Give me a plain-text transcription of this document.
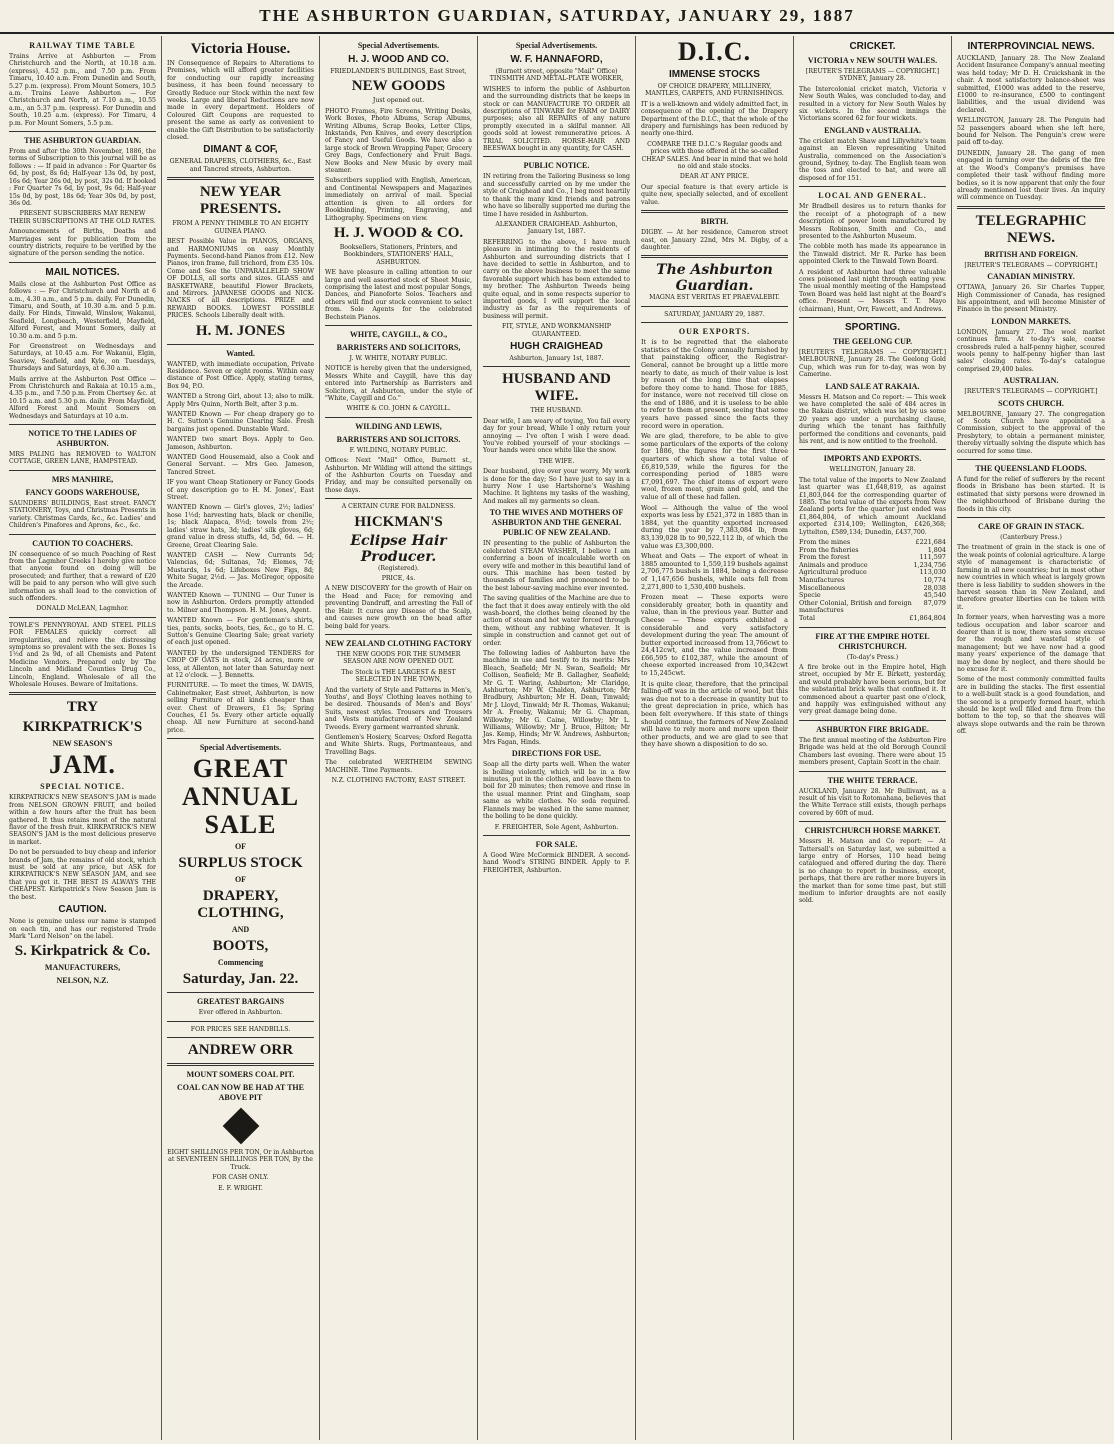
THE ASHBURTON GUARDIAN, SATURDAY, JANUARY 29, 1887
RAILWAY TIME TABLE

Trains Arrive at Ashburton — From Christchurch and the North, at 10.18 a.m. (express), 4.52 p.m., and 7.50 p.m. From Timaru, 10.40 a.m. From Dunedin and South, 5.27 p.m. (express). From Mount Somers, 10.5 a.m. Trains Leave Ashburton — For Christchurch and North, at 7.10 a.m., 10.55 a.m., an 5.37 p.m. (express). For Dunedin and South, 10.25 a.m. (express). For Timaru, 4 p.m. For Mount Somers, 5.5 p.m.

THE ASHBURTON GUARDIAN.

From and after the 30th November, 1886, the terms of Subscription to this journal will be as follows : — If paid in advance : For Quarter 6s 6d, by post, 8s 6d; Half-year 13s 0d, by post, 16s 6d; Year 26s 0d, by post, 32s 0d. If booked : For Quarter 7s 6d, by post, 9s 6d; Half-year 15s 0d, by post, 18s 6d; Year 30s 0d, by post, 36s 0d.

PRESENT SUBSCRIBERS MAY RENEW THEIR SUBSCRIPTIONS AT THE OLD RATES.

Announcements of Births, Deaths and Marriages sent for publication from the country districts, require to be verified by the signature of the person sending the notice.

MAIL NOTICES.

Mails close at the Ashburton Post Office as follows : — For Christchurch and North at 6 a.m., 4.30 a.m., and 5 p.m. daily. For Dunedin, Timaru, and South, at 10.30 a.m. and 5 p.m. daily. For Hinds, Tinwald, Winslow, Wakanui, Seafield, Longbeach, Westerfield, Mayfield, Alford Forest, and Mount Somers, daily at 10.30 a.m. and 5 p.m.

For Greenstreet on Wednesdays and Saturdays, at 10.45 a.m. For Wakanui, Elgin, Seaview, Seafield, and Kyle, on Tuesdays, Thursdays and Saturdays, at 6.30 a.m.

Mails arrive at the Ashburton Post Office — From Christchurch and Rakaia at 10.15 a.m., 4.35 p.m., and 7.50 p.m. From Chertsey &c. at 10.15 a.m. and 5.30 p.m. daily. From Mayfield, Alford Forest and Mount Somers on Wednesdays and Saturdays at 10 a.m.

NOTICE TO THE LADIES OF ASHBURTON.

MRS PALING has REMOVED to WALTON COTTAGE, GREEN LANE, HAMPSTEAD.

MRS MANHIRE,
FANCY GOODS WAREHOUSE,

SAUNDERS' BUILDINGS, East street. FANCY STATIONERY, Toys, and Christmas Presents in variety. Christmas Cards, &c., &c. Ladies' and Children's Pinafores and Aprons, &c., &c.

CAUTION TO COACHERS.

IN consequence of so much Poaching of Rest from the Lagmhor Creeks I hereby give notice that anyone found on doing will be prosecuted; and further, that a reward of £20 will be paid to any person who will give such information as shall lead to the conviction of such offenders.

DONALD McLEAN, Lagmhor.

TOWLE'S PENNYROYAL AND STEEL PILLS FOR FEMALES quickly correct all irregularities, and relieve the distressing symptoms so prevalent with the sex. Boxes 1s 1½d and 2s 9d, of all Chemists and Patent Medicine Vendors. Prepared only by The Lincoln and Midland Counties Drug Co., Lincoln, England. Wholesale of all the Wholesale Houses. Beware of Imitations.

TRY
KIRKPATRICK'S
NEW SEASON'S
JAM.
SPECIAL NOTICE.

KIRKPATRICK'S NEW SEASON'S JAM is made from NELSON GROWN FRUIT, and boiled within a few hours after the fruit has been gathered. It thus retains most of the natural flavor of the fresh fruit. KIRKPATRICK'S NEW SEASON'S JAM is the most delicious preserve in market.

Do not be persuaded to buy cheap and inferior brands of Jam, the remains of old stock, which must be sold at any price, but ASK for KIRKPATRICK'S NEW SEASON JAM, and see that you get it. THE BEST IS ALWAYS THE CHEAPEST. Kirkpatrick's New Season Jam is the best.

CAUTION.

None is genuine unless our name is stamped on each tin, and has our registered Trade Mark "Lord Nelson" on the label.

S. Kirkpatrick & Co.
MANUFACTURERS,
NELSON, N.Z.
Victoria House.

IN Consequence of Repairs to Alterations to Premises, which will afford greater facilities for conducting our rapidly increasing business, it has been found necessary to Greatly Reduce our Stock within the next few weeks. Large and liberal Reductions are now made in every department. Holders of Coloured Gift Coupons are requested to present the same as early as convenient to enable the Gift Distribution to be satisfactorily closed.

DIMANT & COF,

GENERAL DRAPERS, CLOTHIERS, &c., East and Tancred streets, Ashburton.

NEW YEAR PRESENTS.

FROM A PENNY THIMBLE TO AN EIGHTY GUINEA PIANO.

BEST Possible Value in PIANOS, ORGANS, and HARMONIUMS on easy Monthly Payments. Second-hand Pianos from £12. New Pianos, iron frame, full trichord, from £35 10s. Come and See the UNPARALLELED SHOW OF DOLLS, all sorts and sizes. GLASS and BASKETWARE, beautiful Flower Brackets, and Mirrors. JAPANESE GOODS and NICK-NACKS of all descriptions. PRIZE and REWARD BOOKS. LOWEST POSSIBLE PRICES. Schools Liberally dealt with.

H. M. JONES
Wanted.

WANTED, with immediate occupation, Private Residence. Seven or eight rooms. Within easy distance of Post Office. Apply, stating terms, Box 94, P.O.

WANTED a Strong Girl, about 13; also to milk. Apply Mrs Quinn, North Belt, after 3 p.m.

WANTED Known — For cheap drapery go to H. C. Sutton's Genuine Clearing Sale. Fresh bargains just opened. Dunstable Ward.

WANTED two smart Boys. Apply to Geo. Jameson, Ashburton.

WANTED Good Housemaid, also a Cook and General Servant. — Mrs Geo. Jameson, Tancred Street.

IF you want Cheap Stationery or Fancy Goods of any description go to H. M. Jones', East Street.

WANTED Known — Girl's gloves, 2½; ladies' hose 1½d; harvesting hats, black or chenille, 1s; black Alapaca, 8½d; towels from 2½; ladies' straw hats, 3d; ladies' silk gloves, 6d; grand value in dress stuffs, 4d, 5d, 6d. — H. Greene, Great Clearing Sale.

WANTED CASH — New Currants 5d; Valencias, 6d; Sultanas, 7d; Elemes, 7d; Mustards, 1s 6d; Lifeboxes New Figs, 8d; White Sugar, 2½d. — Jas. McGregor, opposite the Arcade.

WANTED Known — TUNING — Our Tuner is now in Ashburton. Orders promptly attended to. Milner and Thompson. H. M. Jones, Agent.

WANTED Known — For gentleman's shirts, ties, pants, socks, boots, ties, &c., go to H. C. Sutton's Genuine Clearing Sale; great variety of each just opened.

WANTED by the undersigned TENDERS for CROP OF OATS in stock, 24 acres, more or less, at Allenton, not later than Saturday next at 12 o'clock. — J. Bennetts.

FURNITURE. — To meet the times, W. DAVIS, Cabinetmaker, East street, Ashburton, is now selling Furniture of all kinds cheaper than ever. Chest of Drawers, £1 5s; Spring Couches, £1 5s. Every other article equally cheap. All new Furniture at second-hand price.

Special Advertisements.
GREAT
ANNUAL SALE
OF
SURPLUS STOCK
OF
DRAPERY, CLOTHING,
AND
BOOTS,
Commencing
Saturday, Jan. 22.
GREATEST BARGAINS

Ever offered in Ashburton.

FOR PRICES SEE HANDBILLS.

ANDREW ORR
MOUNT SOMERS COAL PIT.
COAL CAN NOW BE HAD AT THE ABOVE PIT

EIGHT SHILLINGS PER TON, Or in Ashburton at SEVENTEEN SHILLINGS PER TON, By the Truck.

FOR CASH ONLY.

E. F. WRIGHT.

Special Advertisements.
H. J. WOOD AND CO.

FRIEDLANDER'S BUILDINGS, East Street,

NEW GOODS

Just opened out.

PHOTO Frames, Fire Screens, Writing Desks, Work Boxes, Photo Albums, Scrap Albums, Writing Albums, Scrap Books, Letter Clips, Inkstands, Pen Knives, and every description of Fancy and Useful Goods. We have also a large stock of Brown Wrapping Paper, Grocery Grey Bags, Confectionery and Fruit Bags. New Books and New Music by every mail steamer.

Subscribers supplied with English, American, and Continental Newspapers and Magazines immediately on arrival of mail. Special attention is given to all orders for Bookbinding, Printing, Engraving, and Lithography. Specimens on view.

H. J. WOOD & CO.

Booksellers, Stationers, Printers, and Bookbinders, STATIONERS' HALL, ASHBURTON.

WE have pleasure in calling attention to our large and well assorted stock of Sheet Music, comprising the latest and most popular Songs, Dances, and Pianoforte Solos. Teachers and others will find our stock convenient to select from. Sole Agents for the celebrated Bechstein Pianos.

WHITE, CAYGILL, & CO.,
BARRISTERS AND SOLICITORS,

J. W. WHITE, NOTARY PUBLIC.

NOTICE is hereby given that the undersigned, Messrs White and Caygill, have this day entered into Partnership as Barristers and Solicitors, at Ashburton, under the style of "White, Caygill and Co."

WHITE & CO. JOHN & CAYGILL.

WILDING AND LEWIS,
BARRISTERS AND SOLICITORS.

F. WILDING, NOTARY PUBLIC.

Offices: Next "Mail" Office, Burnett st., Ashburton. Mr Wilding will attend the sittings of the Ashburton Courts on Tuesday and Friday, and may be consulted personally on those days.

A CERTAIN CURE FOR BALDNESS.

HICKMAN'S
Eclipse Hair Producer.

(Registered).

PRICE, 4s.

A NEW DISCOVERY for the growth of Hair on the Head and Face; for removing and preventing Dandruff, and arresting the Fall of the Hair. It cures any Disease of the Scalp, and causes new growth on the head after being bald for years.

NEW ZEALAND CLOTHING FACTORY

THE NEW GOODS FOR THE SUMMER SEASON ARE NOW OPENED OUT.

The Stock is THE LARGEST & BEST SELECTED IN THE TOWN,

And the variety of Style and Patterns in Men's, Youths', and Boys' Clothing leaves nothing to be desired. Thousands of Men's and Boys' Suits, newest styles. Trousers and Trousers and Vests manufactured of New Zealand Tweeds. Every garment warranted shrunk.

Gentlemen's Hosiery, Scarves; Oxford Regatta and White Shirts. Rugs, Portmanteaus, and Travelling Bags.

The celebrated WERTHEIM SEWING MACHINE. Time Payments.

N.Z. CLOTHING FACTORY, EAST STREET.

Special Advertisements.
W. F. HANNAFORD,

(Burnett street, opposite "Mail" Office) TINSMITH AND METAL-PLATE WORKER,

WISHES to inform the public of Ashburton and the surrounding districts that he keeps in stock or can MANUFACTURE TO ORDER all descriptions of TINWARE for FARM or DAIRY purposes; also all REPAIRS of any nature promptly executed in a skilful manner. All goods sold at lowest remunerative prices. A TRIAL SOLICITED. HORSE-HAIR AND BEESWAX bought in any quantity, for CASH.

PUBLIC NOTICE.

IN retiring from the Tailoring Business so long and successfully carried on by me under the style of Craighead and Co., I beg most heartily to thank the many kind friends and patrons who have so liberally supported me during the time I have resided in Ashburton.

ALEXANDER CRAIGHEAD. Ashburton, January 1st, 1887.

REFERRING to the above, I have much pleasure in intimating to the residents of Ashburton and surrounding districts that I have decided to settle in Ashburton, and to carry on the above business to meet the same favorable support which has been extended to my brother. The Ashburton Tweeds being quite equal, and in some respects superior to imported goods, I will support the local industry as far as the requirements of business will permit.

FIT, STYLE, AND WORKMANSHIP GUARANTEED.

HUGH CRAIGHEAD

Ashburton, January 1st, 1887.

HUSBAND AND WIFE.

THE HUSBAND.

Dear wife, I am weary of toying, You fail every day for your bread, While I only return your annoying — I've often I wish I were dead. You've robbed yourself of your stockings — Your hands were once white like the snow.

THE WIFE.

Dear husband, give over your worry, My work is done for the day; So I have just to say in a hurry Now I use Hartshorne's Washing Machine. It lightens my tasks of the washing, And makes all my garments so clean.

TO THE WIVES AND MOTHERS OF ASHBURTON AND THE GENERAL PUBLIC OF NEW ZEALAND.

IN presenting to the public of Ashburton the celebrated STEAM WASHER, I believe I am conferring a boon of incalculable worth on every wife and mother in this beautiful land of ours. This machine has been tested by thousands of families and pronounced to be the best labour-saving machine ever invented.

The saving qualities of the Machine are due to the fact that it does away entirely with the old wash-board, the clothes being cleaned by the action of steam and hot water forced through them, without any rubbing whatever. It is simple in construction and cannot get out of order.

The following ladies of Ashburton have the machine in use and testify to its merits: Mrs Bleach, Seafield; Mr N. Swan, Seafield; Mr Collison, Seafield; Mr B. Gallagher, Seafield; Mr G. T. Waring, Ashburton; Mr Claridge, Ashburton; Mr W. Chalden, Ashburton; Mr Bradbury, Ashburton; Mr H. Dean, Tinwald; Mr J. Lloyd, Tinwald; Mr R. Thomas, Wakanui; Mr A. Freeby, Wakanui; Mr G. Chapman, Willowby; Mr G. Caine, Willowby; Mr L. Williams, Willowby; Mr J. Bruce, Hilton; Mr Jas. Kemp, Hinds; Mr W. Andrews, Ashburton; Mrs Fagan, Hinds.

DIRECTIONS FOR USE.

Soap all the dirty parts well. When the water is boiling violently, which will be in a few minutes, put in the clothes, and leave them to boil for 20 minutes; then remove and rinse in the usual manner. Print and Gingham, soap same as white clothes. No soda required. Flannels may be washed in the same manner, the boiling to be done quickly.

F. FREIGHTER, Sole Agent, Ashburton.

FOR SALE.

A Good Wire McCormick BINDER. A second-hand Wood's STRING BINDER. Apply to F. FREIGHTER, Ashburton.

D.I.C.
IMMENSE STOCKS

OF CHOICE DRAPERY, MILLINERY, MANTLES, CARPETS, AND FURNISHINGS.

IT is a well-known and widely admitted fact, in consequence of the opening of the Drapery Department of the D.I.C., that the whole of the drapery and furnishings has been reduced by nearly one-third.

COMPARE THE D.I.C.'s Regular goods and prices with those offered at the so-called CHEAP SALES. And bear in mind that we hold no old and stale stocks.

DEAR AT ANY PRICE.

Our special feature is that every article is quite new, specially selected, and of excellent value.

BIRTH.

DIGBY. — At her residence, Cameron street east, on January 22nd, Mrs M. Digby, of a daughter.

The Ashburton Guardian.

MAGNA EST VERITAS ET PRAEVALEBIT.

SATURDAY, JANUARY 29, 1887.

OUR EXPORTS.

It is to be regretted that the elaborate statistics of the Colony annually furnished by that painstaking officer, the Registrar-General, cannot be brought up a little more nearly to date, as much of their value is lost by reason of the long time that elapses before they come to hand. Those for 1885, for instance, were not received till close on the end of 1886, and it is useless to be able to refer to them at present, seeing that some years have passed since the facts they record were in operation.

We are glad, therefore, to be able to give some particulars of the exports of the colony for 1886, the figures for the first three quarters of which show a total value of £6,819,539, while the figures for the corresponding period of 1885 were £7,091,697. The chief items of export were wool, frozen meat, grain and gold, and the value of all of these had fallen.

Wool — Although the value of the wool exports was less by £521,372 in 1885 than in 1884, yet the quantity exported increased during the year by 7,383,084 lb, from 83,139,028 lb to 90,522,112 lb, of which the value was £3,300,000.

Wheat and Oats — The export of wheat in 1885 amounted to 1,559,119 bushels against 2,706,775 bushels in 1884, being a decrease of 1,147,656 bushels, while oats fell from 2,271,800 to 1,530,400 bushels.

Frozen meat — These exports were considerably greater, both in quantity and value, than in the previous year. Butter and Cheese — These exports exhibited a considerable and very satisfactory development during the year. The amount of butter exported increased from 13,766cwt to 24,412cwt, and the value increased from £66,595 to £102,387, while the amount of cheese exported increased from 10,342cwt to 15,245cwt.

It is quite clear, therefore, that the principal falling-off was in the article of wool, but this was due not to a decrease in quantity but to the great depreciation in price, which has been felt everywhere. If this state of things should continue, the farmers of New Zealand will have to rely more and more upon their other products, and we are glad to see that they have shown a disposition to do so.

CRICKET.
VICTORIA v NEW SOUTH WALES.

[REUTER'S TELEGRAMS — COPYRIGHT.] SYDNEY, January 28.

The Intercolonial cricket match, Victoria v New South Wales, was concluded to-day, and resulted in a victory for New South Wales by six wickets. In the second innings the Victorians scored 62 for four wickets.

ENGLAND v AUSTRALIA.

The cricket match Shaw and Lillywhite's team against an Eleven representing United Australia, commenced on the Association's ground, Sydney, to-day. The English team won the toss and elected to bat, and were all disposed of for 151.

LOCAL AND GENERAL.

Mr Bradbell desires us to return thanks for the receipt of a photograph of a new description of power loom manufactured by Messrs Robinson, Smith and Co., and presented to the Ashburton Museum.

The cobble moth has made its appearance in the Tinwald district. Mr R. Parke has been appointed Clerk to the Tinwald Town Board.

A resident of Ashburton had three valuable cows poisoned last night through eating yew. The usual monthly meeting of the Hampstead Town Board was held last night at the Board's office. Present — Messrs T. T. Mayo (chairman), Hunt, Orr, Fawcett, and Andrews.

SPORTING.
THE GEELONG CUP.

[REUTER'S TELEGRAMS — COPYRIGHT.] MELBOURNE, January 28. The Geelong Gold Cup, which was run for to-day, was won by Camerine.

LAND SALE AT RAKAIA.

Messrs H. Matson and Co report: — This week we have completed the sale of 484 acres in the Rakaia district, which was let by us some 20 years ago under a purchasing clause, during which the tenant has faithfully performed the conditions and covenants, paid his rent, and is now entitled to the freehold.

IMPORTS AND EXPORTS.

WELLINGTON, January 28.

The total value of the imports to New Zealand last quarter was £1,648,819, as against £1,803,044 for the corresponding quarter of 1885. The total value of the exports from New Zealand ports for the quarter just ended was £1,864,804, of which amount Auckland exported £314,109; Wellington, £426,368; Lyttelton, £589,134; Dunedin, £437,700.

From the mines	£221,684
From the fisheries	1,804
From the forest	111,597
Animals and produce	1,234,756
Agricultural produce	113,030
Manufactures	10,774
Miscellaneous	28,038
Specie	45,540
Other Colonial, British and foreign manufactures
87,079
Total	£1,864,804
FIRE AT THE EMPIRE HOTEL CHRISTCHURCH.

(To-day's Press.)

A fire broke out in the Empire hotel, High street, occupied by Mr E. Birkett, yesterday, and would probably have been serious, but for the substantial brick walls that confined it. It commenced about a quarter past one o'clock, and happily was extinguished without any very great damage being done.

ASHBURTON FIRE BRIGADE.

The first annual meeting of the Ashburton Fire Brigade was held at the old Borough Council Chambers last evening. There were about 15 members present, Captain Scott in the chair.

THE WHITE TERRACE.

AUCKLAND, January 28. Mr Bullivant, as a result of his visit to Rotomahana, believes that the White Terrace still exists, though perhaps covered by 60ft of mud.

CHRISTCHURCH HORSE MARKET.

Messrs H. Matson and Co report: — At Tattersall's on Saturday last, we submitted a large entry of Horses, 110 head being catalogued and offered during the day. There is no change to report in business, except, perhaps, that there are rather more buyers in the market than for some time past, but still medium to inferior draughts are not easily sold.

INTERPROVINCIAL NEWS.

AUCKLAND, January 28. The New Zealand Accident Insurance Company's annual meeting was held today; Mr D. H. Cruickshank in the chair. A most satisfactory balance-sheet was submitted, £1000 was added to the reserve, £1000 to re-insurance, £500 to contingent liabilities, and the usual dividend was declared.

WELLINGTON, January 28. The Penguin had 52 passengers aboard when she left here, bound for Nelson. The Penguin's crew were paid off to-day.

DUNEDIN, January 28. The gang of men engaged in turning over the debris of the fire at the Wood's Company's premises have completed their task without finding more bodies, so it is now apparent that only the four already mentioned lost their lives. An inquiry will commence on Tuesday.

TELEGRAPHIC NEWS.
BRITISH AND FOREIGN.

[REUTER'S TELEGRAMS — COPYRIGHT.]

CANADIAN MINISTRY.

OTTAWA, January 26. Sir Charles Tupper, High Commissioner of Canada, has resigned his appointment, and will become Minister of Finance in the present Ministry.

LONDON MARKETS.

LONDON, January 27. The wool market continues firm. At to-day's sale, coarse crossbreds ruled a half-penny higher, scoured wools penny to half-penny higher than last sales' closing rates. To-day's catalogue comprised 29,400 bales.

AUSTRALIAN.

[REUTER'S TELEGRAMS — COPYRIGHT.]

SCOTS CHURCH.

MELBOURNE, January 27. The congregation of Scots Church have appointed a Commission, subject to the approval of the Presbytery, to obtain a permanent minister, thereby virtually solving the dispute which has occurred for some time.

THE QUEENSLAND FLOODS.

A fund for the relief of sufferers by the recent floods in Brisbane has been started. It is estimated that sixty persons were drowned in the neighbourhood of Brisbane during the floods in this city.

CARE OF GRAIN IN STACK.

(Canterbury Press.)

The treatment of grain in the stack is one of the weak points of colonial agriculture. A large style of management is characteristic of farming in all new countries; but in most other new countries in which wheat is largely grown there is less liability to sudden showers in the harvest season than in New Zealand, and therefore greater liberties can be taken with it.

In former years, when harvesting was a more tedious occupation and labor scarcer and dearer than it is now, there was some excuse for the rough and wasteful style of management; but we have now had a good many years' experience of the damage that may be done by neglect, and there should be no excuse for it.

Some of the most commonly committed faults are in building the stacks. The first essential to a well-built stack is a good foundation, and the second is a properly formed heart, which should be kept well filled and firm from the bottom to the top, so that the sheaves will always slope outwards and the rain be thrown off.
